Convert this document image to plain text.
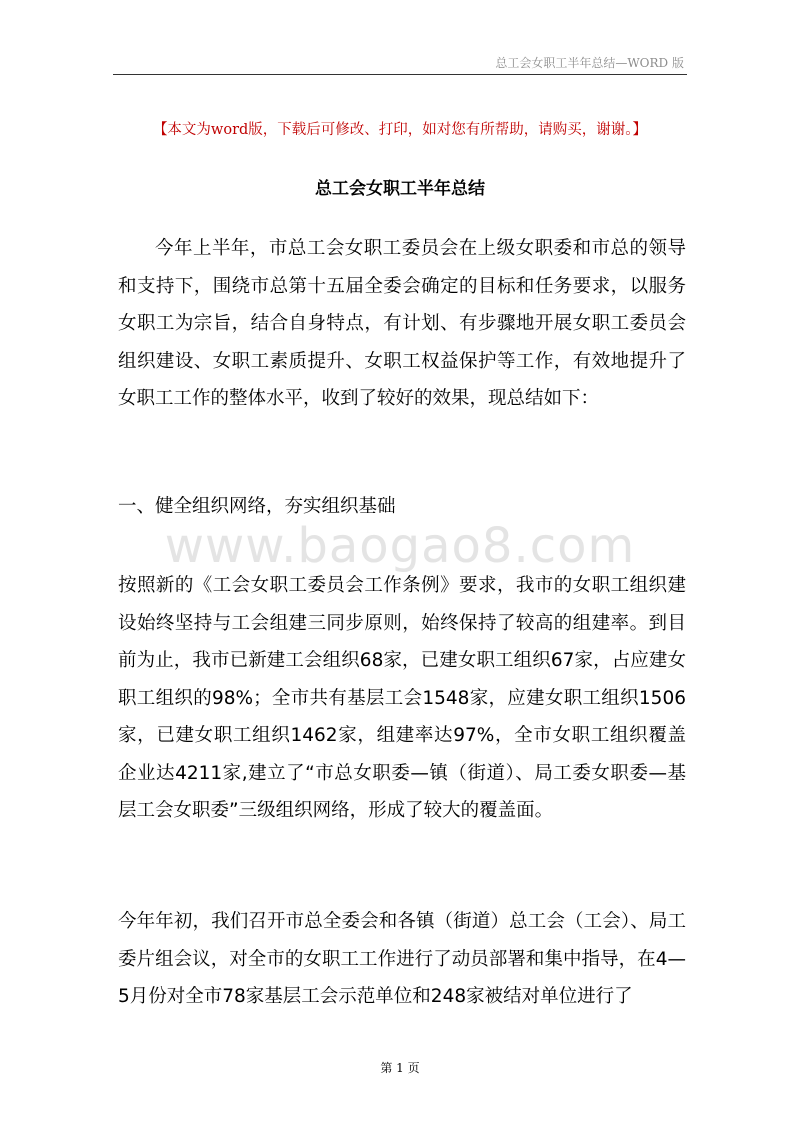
总工会女职工半年总结—WORD 版
【本文为word版，下载后可修改、打印，如对您有所帮助，请购买，谢谢。】
总工会女职工半年总结

今年上半年，市总工会女职工委员会在上级女职委和市总的领导和支持下，围绕市总第十五届全委会确定的目标和任务要求，以服务女职工为宗旨，结合自身特点，有计划、有步骤地开展女职工委员会组织建设、女职工素质提升、女职工权益保护等工作，有效地提升了女职工工作的整体水平，收到了较好的效果，现总结如下：

一、健全组织网络，夯实组织基础

www.baogao8.com

按照新的《工会女职工委员会工作条例》要求，我市的女职工组织建设始终坚持与工会组建三同步原则，始终保持了较高的组建率。到目前为止，我市已新建工会组织68家，已建女职工组织67家，占应建女职工组织的98%；全市共有基层工会1548家，应建女职工组织1506家，已建女职工组织1462家，组建率达97%，全市女职工组织覆盖企业达4211家,建立了“市总女职委—镇（街道）、局工委女职委—基层工会女职委”三级组织网络，形成了较大的覆盖面。

今年年初，我们召开市总全委会和各镇（街道）总工会（工会）、局工委片组会议，对全市的女职工工作进行了动员部署和集中指导，在4—5月份对全市78家基层工会示范单位和248家被结对单位进行了

第 1 页
